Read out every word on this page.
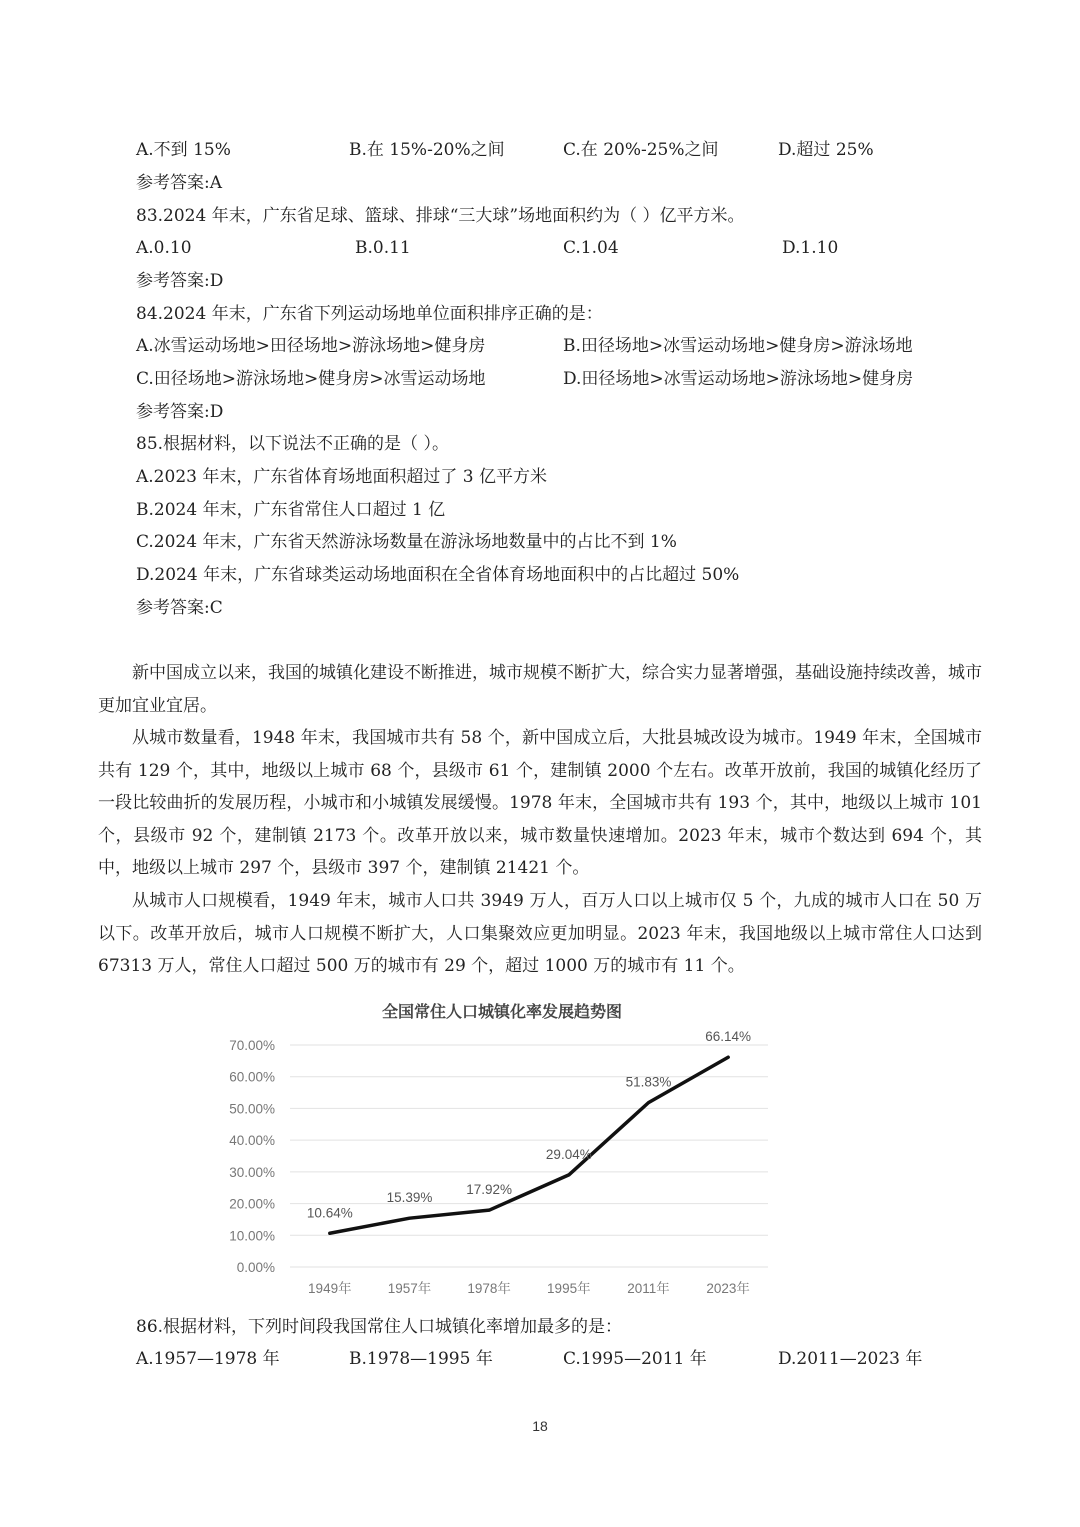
A.不到 15%	B.在 15%-20%之间	C.在 20%-25%之间	D.超过 25%
参考答案:A
83.2024 年末，广东省足球、篮球、排球“三大球”场地面积约为（ ）亿平方米。
A.0.10	B.0.11	C.1.04	D.1.10
参考答案:D
84.2024 年末，广东省下列运动场地单位面积排序正确的是：
A.冰雪运动场地>田径场地>游泳场地>健身房	B.田径场地>冰雪运动场地>健身房>游泳场地
C.田径场地>游泳场地>健身房>冰雪运动场地	D.田径场地>冰雪运动场地>游泳场地>健身房
参考答案:D
85.根据材料，以下说法不正确的是（ ）。
A.2023 年末，广东省体育场地面积超过了 3 亿平方米
B.2024 年末，广东省常住人口超过 1 亿
C.2024 年末，广东省天然游泳场数量在游泳场地数量中的占比不到 1%
D.2024 年末，广东省球类运动场地面积在全省体育场地面积中的占比超过 50%
参考答案:C
新中国成立以来，我国的城镇化建设不断推进，城市规模不断扩大，综合实力显著增强，基础设施持续改善，城市更加宜业宜居。
从城市数量看，1948 年末，我国城市共有 58 个，新中国成立后，大批县城改设为城市。1949 年末，全国城市共有 129 个，其中，地级以上城市 68 个，县级市 61 个，建制镇 2000 个左右。改革开放前，我国的城镇化经历了一段比较曲折的发展历程，小城市和小城镇发展缓慢。1978 年末，全国城市共有 193 个，其中，地级以上城市 101 个，县级市 92 个，建制镇 2173 个。改革开放以来，城市数量快速增加。2023 年末，城市个数达到 694 个，其中，地级以上城市 297 个，县级市 397 个，建制镇 21421 个。
从城市人口规模看，1949 年末，城市人口共 3949 万人，百万人口以上城市仅 5 个，九成的城市人口在 50 万以下。改革开放后，城市人口规模不断扩大，人口集聚效应更加明显。2023 年末，我国地级以上城市常住人口达到 67313 万人，常住人口超过 500 万的城市有 29 个，超过 1000 万的城市有 11 个。
全国常住人口城镇化率发展趋势图
0.00%
10.00%
20.00%
30.00%
40.00%
50.00%
60.00%
70.00%
1949年	1957年	1978年	1995年	2011年	2023年
10.64%
15.39%
17.92%
29.04%
51.83%
66.14%
86.根据材料，下列时间段我国常住人口城镇化率增加最多的是：
A.1957—1978 年	B.1978—1995 年	C.1995—2011 年	D.2011—2023 年
18
